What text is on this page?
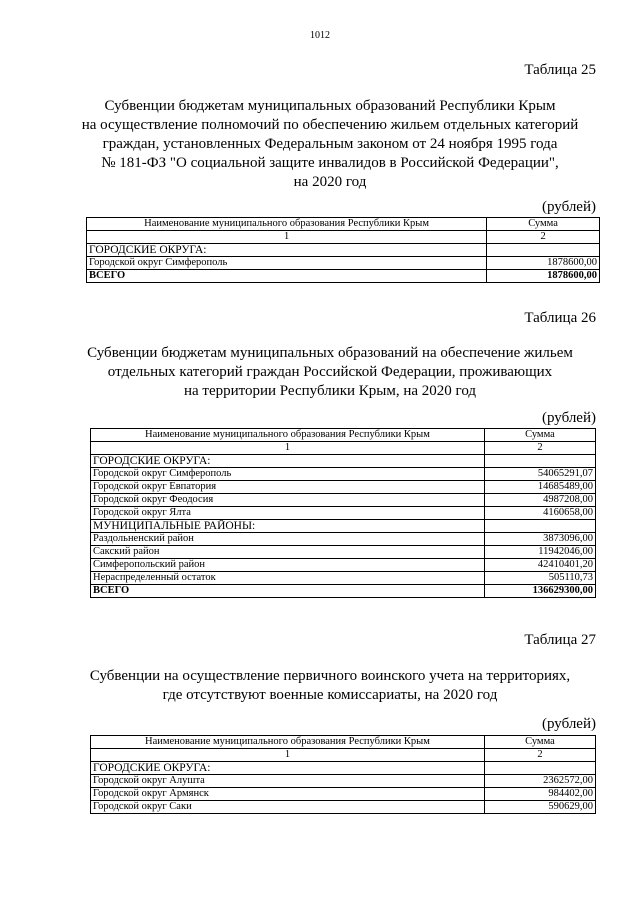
1012
Таблица 25
Субвенции бюджетам муниципальных образований Республики Крым
на осуществление полномочий по обеспечению жильем отдельных категорий
граждан, установленных Федеральным законом от 24 ноября 1995 года
№ 181-ФЗ "О социальной защите инвалидов в Российской Федерации",
на 2020 год
(рублей)
Наименование муниципального образования Республики Крым	Сумма
1	2
ГОРОДСКИЕ ОКРУГА:	
Городской округ Симферополь	1878600,00
ВСЕГО	1878600,00
Таблица 26
Субвенции бюджетам муниципальных образований на обеспечение жильем
отдельных категорий граждан Российской Федерации, проживающих
на территории Республики Крым, на 2020 год
(рублей)
Наименование муниципального образования Республики Крым	Сумма
1	2
ГОРОДСКИЕ ОКРУГА:	
Городской округ Симферополь	54065291,07
Городской округ Евпатория	14685489,00
Городской округ Феодосия	4987208,00
Городской округ Ялта	4160658,00
МУНИЦИПАЛЬНЫЕ РАЙОНЫ:	
Раздольненский район	3873096,00
Сакский район	11942046,00
Симферопольский район	42410401,20
Нераспределенный остаток	505110,73
ВСЕГО	136629300,00
Таблица 27
Субвенции на осуществление первичного воинского учета на территориях,
где отсутствуют военные комиссариаты, на 2020 год
(рублей)
Наименование муниципального образования Республики Крым	Сумма
1	2
ГОРОДСКИЕ ОКРУГА:	
Городской округ Алушта	2362572,00
Городской округ Армянск	984402,00
Городской округ Саки	590629,00
